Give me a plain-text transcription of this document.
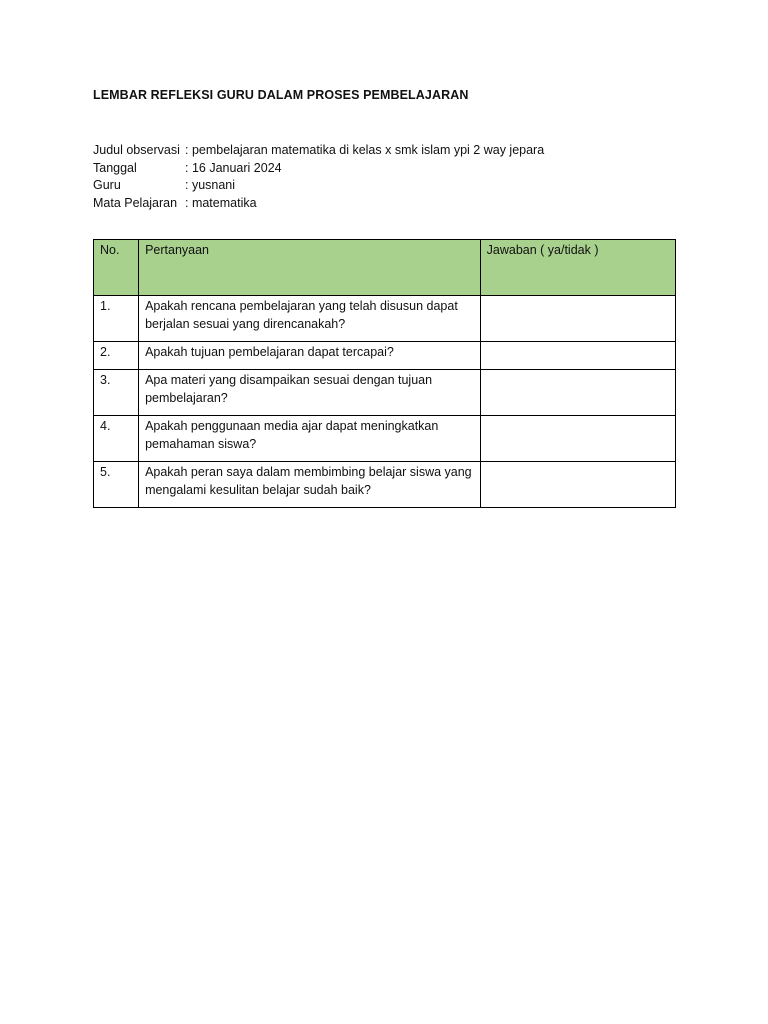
LEMBAR REFLEKSI GURU DALAM PROSES PEMBELAJARAN
Judul observasi : pembelajaran matematika di kelas x smk islam ypi 2 way jepara
Tanggal	: 16 Januari 2024
Guru	: yusnani
Mata Pelajaran : matematika
No.	Pertanyaan	Jawaban ( ya/tidak )
1.	Apakah rencana pembelajaran yang telah disusun dapat berjalan sesuai yang direncanakah?	
2.	Apakah tujuan pembelajaran dapat tercapai?	
3.	Apa materi yang disampaikan sesuai dengan tujuan pembelajaran?	
4.	Apakah penggunaan media ajar dapat meningkatkan pemahaman siswa?	
5.	Apakah peran saya dalam membimbing belajar siswa yang mengalami kesulitan belajar sudah baik?	
